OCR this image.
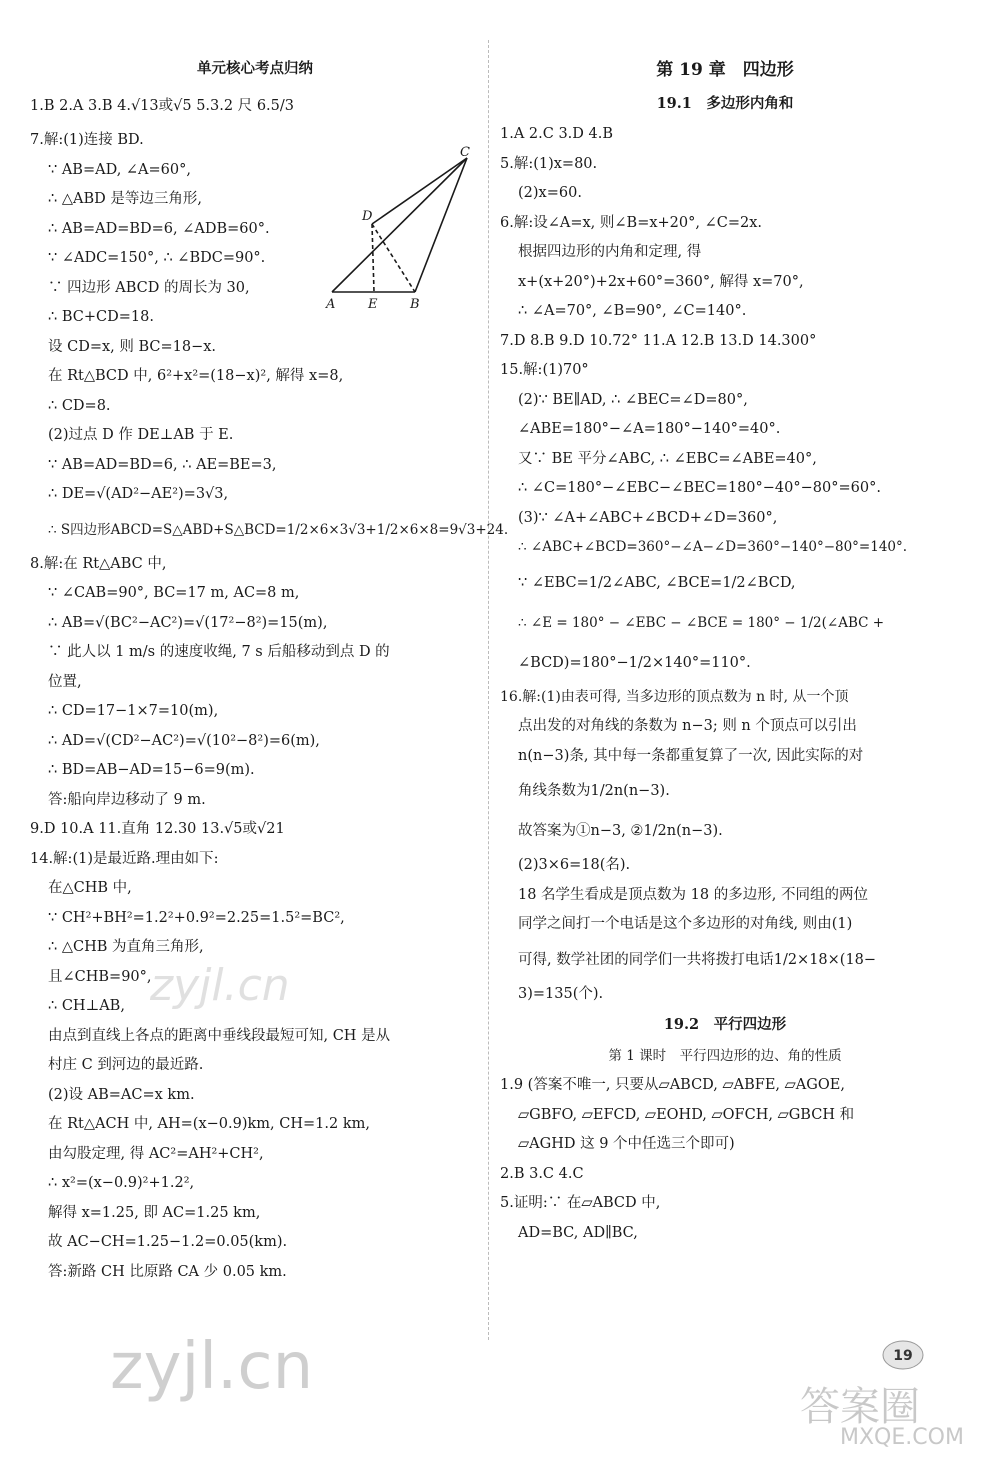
单元核心考点归纳
1.B 2.A 3.B 4.√13或√5 5.3.2 尺 6.5/3
7.解:(1)连接 BD.
∵ AB=AD, ∠A=60°,
∴ △ABD 是等边三角形,
∴ AB=AD=BD=6, ∠ADB=60°.
∵ ∠ADC=150°, ∴ ∠BDC=90°.
∵ 四边形 ABCD 的周长为 30,
∴ BC+CD=18.
设 CD=x, 则 BC=18−x.
在 Rt△BCD 中, 6²+x²=(18−x)², 解得 x=8,
∴ CD=8.
(2)过点 D 作 DE⊥AB 于 E.
∵ AB=AD=BD=6, ∴ AE=BE=3,
∴ DE=√(AD²−AE²)=3√3,
∴ S四边形ABCD=S△ABD+S△BCD=1/2×6×3√3+1/2×6×8=9√3+24.
8.解:在 Rt△ABC 中,
∵ ∠CAB=90°, BC=17 m, AC=8 m,
∴ AB=√(BC²−AC²)=√(17²−8²)=15(m),
∵ 此人以 1 m/s 的速度收绳, 7 s 后船移动到点 D 的
位置,
∴ CD=17−1×7=10(m),
∴ AD=√(CD²−AC²)=√(10²−8²)=6(m),
∴ BD=AB−AD=15−6=9(m).
答:船向岸边移动了 9 m.
9.D 10.A 11.直角 12.30 13.√5或√21
14.解:(1)是最近路.理由如下:
在△CHB 中,
∵ CH²+BH²=1.2²+0.9²=2.25=1.5²=BC²,
∴ △CHB 为直角三角形,
且∠CHB=90°,
∴ CH⊥AB,
由点到直线上各点的距离中垂线段最短可知, CH 是从
村庄 C 到河边的最近路.
(2)设 AB=AC=x km.
在 Rt△ACH 中, AH=(x−0.9)km, CH=1.2 km,
由勾股定理, 得 AC²=AH²+CH²,
∴ x²=(x−0.9)²+1.2²,
解得 x=1.25, 即 AC=1.25 km,
故 AC−CH=1.25−1.2=0.05(km).
答:新路 CH 比原路 CA 少 0.05 km.
C
D
A	E	B
第 19 章　四边形
19.1　多边形内角和
1.A 2.C 3.D 4.B
5.解:(1)x=80.
(2)x=60.
6.解:设∠A=x, 则∠B=x+20°, ∠C=2x.
根据四边形的内角和定理, 得
x+(x+20°)+2x+60°=360°, 解得 x=70°,
∴ ∠A=70°, ∠B=90°, ∠C=140°.
7.D 8.B 9.D 10.72° 11.A 12.B 13.D 14.300°
15.解:(1)70°
(2)∵ BE∥AD, ∴ ∠BEC=∠D=80°,
∠ABE=180°−∠A=180°−140°=40°.
又∵ BE 平分∠ABC, ∴ ∠EBC=∠ABE=40°,
∴ ∠C=180°−∠EBC−∠BEC=180°−40°−80°=60°.
(3)∵ ∠A+∠ABC+∠BCD+∠D=360°,
∴ ∠ABC+∠BCD=360°−∠A−∠D=360°−140°−80°=140°.
∵ ∠EBC=1/2∠ABC, ∠BCE=1/2∠BCD,
∴ ∠E = 180° − ∠EBC − ∠BCE = 180° − 1/2(∠ABC +
∠BCD)=180°−1/2×140°=110°.
16.解:(1)由表可得, 当多边形的顶点数为 n 时, 从一个顶
点出发的对角线的条数为 n−3; 则 n 个顶点可以引出
n(n−3)条, 其中每一条都重复算了一次, 因此实际的对
角线条数为1/2n(n−3).
故答案为①n−3, ②1/2n(n−3).
(2)3×6=18(名).
18 名学生看成是顶点数为 18 的多边形, 不同组的两位
同学之间打一个电话是这个多边形的对角线, 则由(1)
可得, 数学社团的同学们一共将拨打电话1/2×18×(18−
3)=135(个).
19.2　平行四边形
第 1 课时　平行四边形的边、角的性质
1.9 (答案不唯一, 只要从▱ABCD, ▱ABFE, ▱AGOE,
▱GBFO, ▱EFCD, ▱EOHD, ▱OFCH, ▱GBCH 和
▱AGHD 这 9 个中任选三个即可)
2.B 3.C 4.C
5.证明:∵ 在▱ABCD 中,
AD=BC, AD∥BC,
19
zyjl.cn
zyjl.cn
答案圈
MXQE.COM
